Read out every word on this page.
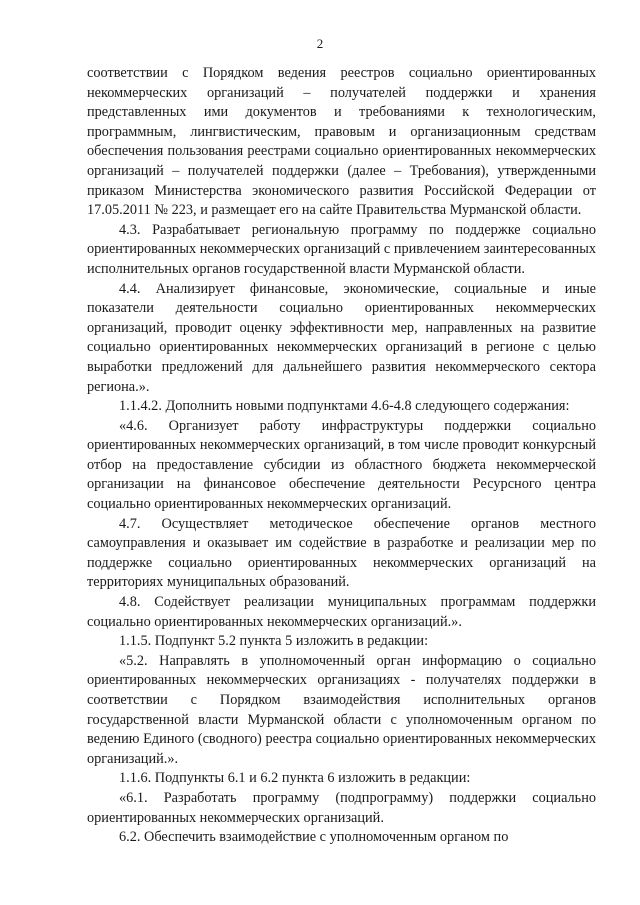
2

соответствии с Порядком ведения реестров социально ориентированных некоммерческих организаций – получателей поддержки и хранения представленных ими документов и требованиями к технологическим, программным, лингвистическим, правовым и организационным средствам обеспечения пользования реестрами социально ориентированных некоммерческих организаций – получателей поддержки (далее – Требования), утвержденными приказом Министерства экономического развития Российской Федерации от 17.05.2011 № 223, и размещает его на сайте Правительства Мурманской области.

4.3. Разрабатывает региональную программу по поддержке социально ориентированных некоммерческих организаций с привлечением заинтересованных исполнительных органов государственной власти Мурманской области.

4.4. Анализирует финансовые, экономические, социальные и иные показатели деятельности социально ориентированных некоммерческих организаций, проводит оценку эффективности мер, направленных на развитие социально ориентированных некоммерческих организаций в регионе с целью выработки предложений для дальнейшего развития некоммерческого сектора региона.».

1.1.4.2. Дополнить новыми подпунктами 4.6-4.8 следующего содержания:

«4.6. Организует работу инфраструктуры поддержки социально ориентированных некоммерческих организаций, в том числе проводит конкурсный отбор на предоставление субсидии из областного бюджета некоммерческой организации на финансовое обеспечение деятельности Ресурсного центра социально ориентированных некоммерческих организаций.

4.7. Осуществляет методическое обеспечение органов местного самоуправления и оказывает им содействие в разработке и реализации мер по поддержке социально ориентированных некоммерческих организаций на территориях муниципальных образований.

4.8. Содействует реализации муниципальных программам поддержки социально ориентированных некоммерческих организаций.».

1.1.5. Подпункт 5.2 пункта 5 изложить в редакции:

«5.2. Направлять в уполномоченный орган информацию о социально ориентированных некоммерческих организациях - получателях поддержки в соответствии с Порядком взаимодействия исполнительных органов государственной власти Мурманской области с уполномоченным органом по ведению Единого (сводного) реестра социально ориентированных некоммерческих организаций.».

1.1.6. Подпункты 6.1 и 6.2 пункта 6 изложить в редакции:

«6.1. Разработать программу (подпрограмму) поддержки социально ориентированных некоммерческих организаций.

6.2. Обеспечить взаимодействие с уполномоченным органом по
